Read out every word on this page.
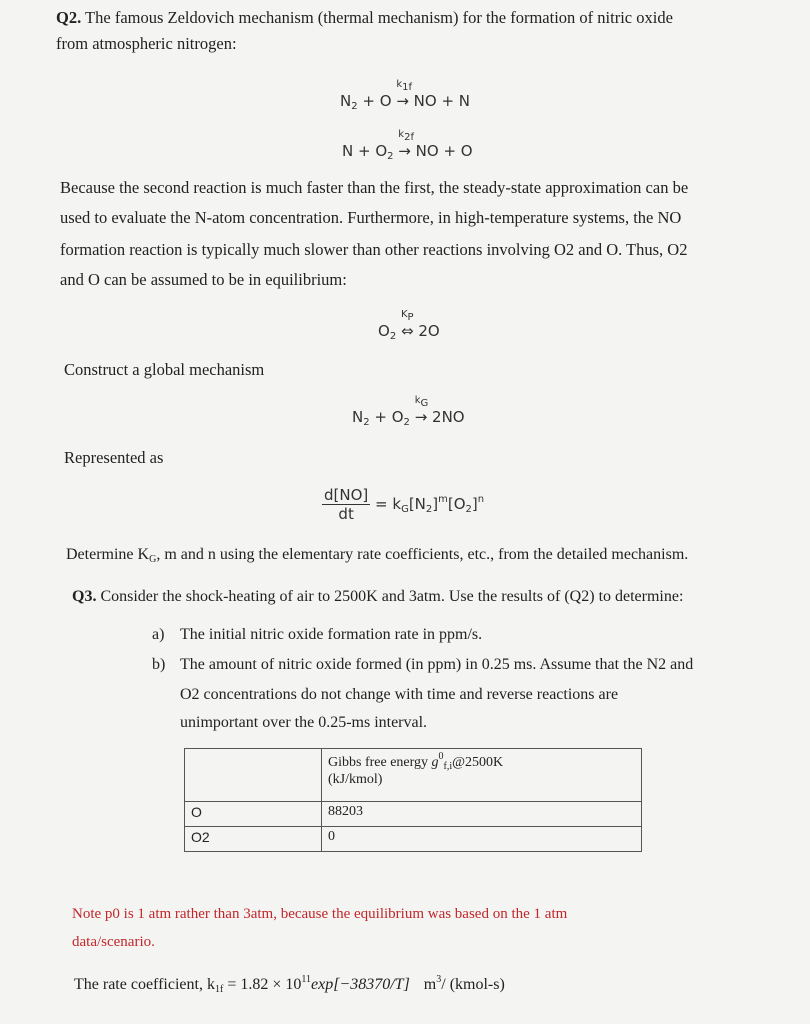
Q2. The famous Zeldovich mechanism (thermal mechanism) for the formation of nitric oxide
from atmospheric nitrogen:
$N_2 + O$
$k_{1f}$
→ NO + N
$N + O_2$
$k_{2f}$
→ NO + O
Because the second reaction is much faster than the first, the steady-state approximation can be
used to evaluate the N-atom concentration. Furthermore, in high-temperature systems, the NO
formation reaction is typically much slower than other reactions involving O2 and O. Thus, O2
and O can be assumed to be in equilibrium:
$O_2$
$K_P$
⇔ 2O
Construct a global mechanism
$N_2 + O_2$
$k_G$
→ 2NO
Represented as
$\frac{d[NO]}{dt} = k_G[N_2]^m[O_2]^n$
Determine $K_G$, m and n using the elementary rate coefficients, etc., from the detailed mechanism.
Q3. Consider the shock-heating of air to 2500K and 3atm. Use the results of (Q2) to determine:
a) The initial nitric oxide formation rate in ppm/s.
b) The amount of nitric oxide formed (in ppm) in 0.25 ms. Assume that the N2 and
O2 concentrations do not change with time and reverse reactions are
unimportant over the 0.25-ms interval.
	Gibbs free energy $g^0_{f,i}@2500K$
(kJ/kmol)
O	88203
O2	0
Note p0 is 1 atm rather than 3atm, because the equilibrium was based on the 1 atm
data/scenario.
The rate coefficient, $k_{1f} = 1.82 \times 10^{11}\exp[-38370/T]$ $m^3/$ (kmol-s)
